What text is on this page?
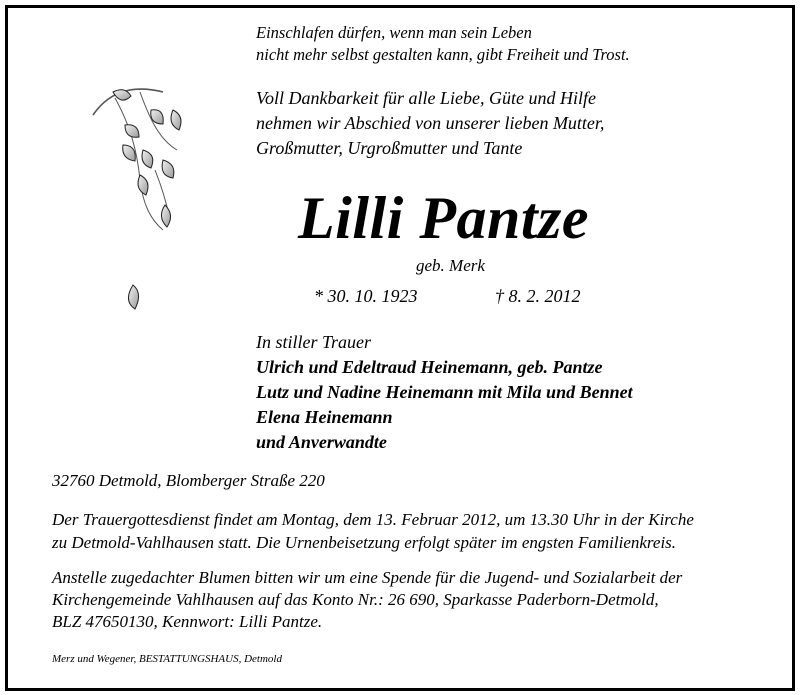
Einschlafen dürfen, wenn man sein Leben
nicht mehr selbst gestalten kann, gibt Freiheit und Trost.
Voll Dankbarkeit für alle Liebe, Güte und Hilfe
nehmen wir Abschied von unserer lieben Mutter,
Großmutter, Urgroßmutter und Tante
Lilli Pantze
geb. Merk
* 30. 10. 1923	† 8. 2. 2012
In stiller Trauer
Ulrich und Edeltraud Heinemann, geb. Pantze
Lutz und Nadine Heinemann mit Mila und Bennet
Elena Heinemann
und Anverwandte
32760 Detmold, Blomberger Straße 220
Der Trauergottesdienst findet am Montag, dem 13. Februar 2012, um 13.30 Uhr in der Kirche
zu Detmold-Vahlhausen statt. Die Urnenbeisetzung erfolgt später im engsten Familienkreis.
Anstelle zugedachter Blumen bitten wir um eine Spende für die Jugend- und Sozialarbeit der
Kirchengemeinde Vahlhausen auf das Konto Nr.: 26 690, Sparkasse Paderborn-Detmold,
BLZ 47650130, Kennwort: Lilli Pantze.
Merz und Wegener, BESTATTUNGSHAUS, Detmold
